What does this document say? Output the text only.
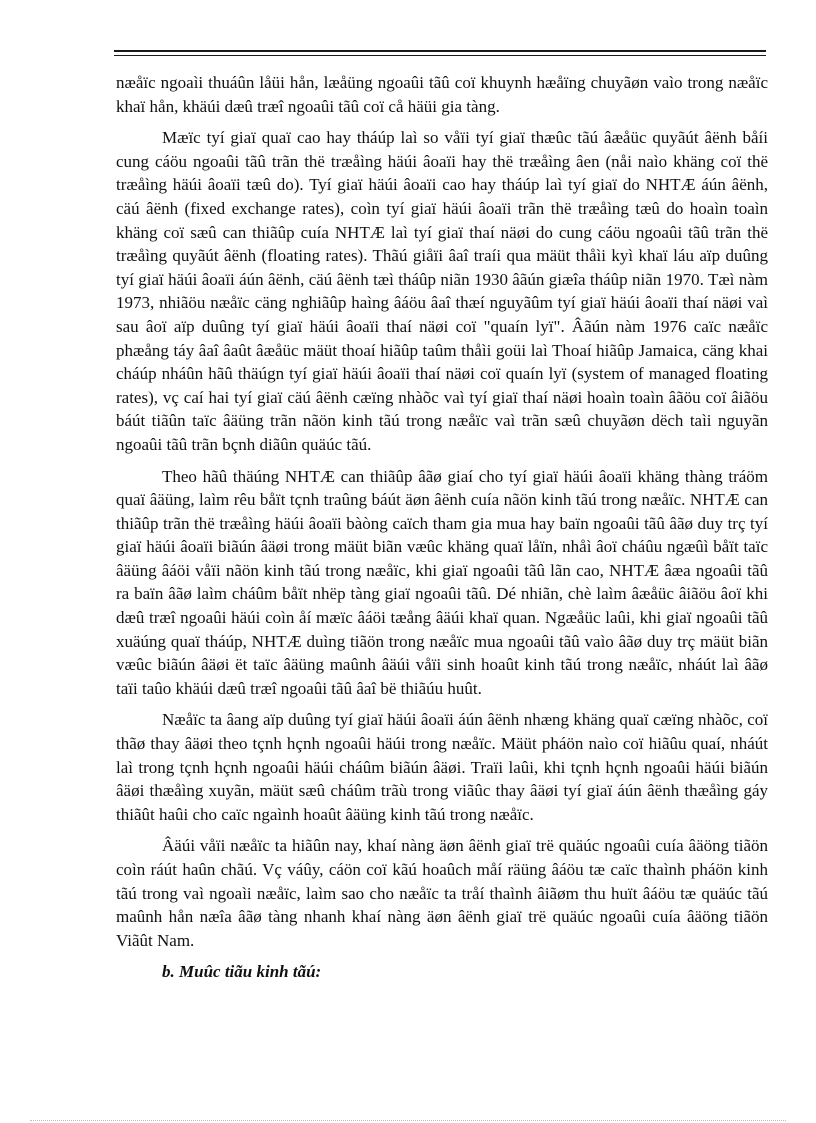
næåïc ngoaìi thuáûn låüi hån, læåüng ngoaûi tãû coï khuynh hæåïng chuyãøn vaìo trong næåïc khaï hån, khäúi dæû træî ngoaûi tãû coï cå häüi gia tàng.

Mæïc tyí giaï quaï cao hay tháúp laì so våïi tyí giaï thæûc tãú âæåüc quyãút âënh båíi cung cáöu ngoaûi tãû trãn thë træåìng häúi âoaïi hay thë træåìng âen (nåi naìo khäng coï thë træåìng häúi âoaïi tæû do). Tyí giaï häúi âoaïi cao hay tháúp laì tyí giaï do NHTÆ áún âënh, cäú âënh (fixed exchange rates), coìn tyí giaï häúi âoaïi trãn thë træåìng tæû do hoaìn toaìn khäng coï sæû can thiãûp cuía NHTÆ laì tyí giaï thaí näøi do cung cáöu ngoaûi tãû trãn thë træåìng quyãút âënh (floating rates). Thãú giåïi âaî traíi qua mäüt thåìi kyì khaï láu aïp duûng tyí giaï häúi âoaïi áún âënh, cäú âënh tæì tháûp niãn 1930 âãún giæîa tháûp niãn 1970. Tæì nàm 1973, nhiãöu næåïc cäng nghiãûp haìng âáöu âaî thæí nguyãûm tyí giaï häúi âoaïi thaí näøi vaì sau âoï aïp duûng tyí giaï häúi âoaïi thaí näøi coï "quaín lyï". Âãún nàm 1976 caïc næåïc phæång táy âaî âaût âæåüc mäüt thoaí hiãûp taûm thåìi goüi laì Thoaí hiãûp Jamaica, cäng khai cháúp nháûn hãû thäúgn tyí giaï häúi âoaïi thaí näøi coï quaín lyï (system of managed floating rates), vç caí hai tyí giaï cäú âënh cæïng nhàõc vaì tyí giaï thaí näøi hoaìn toaìn âãöu coï âiãöu báút tiãûn taïc âäüng trãn nãön kinh tãú trong næåïc vaì trãn sæû chuyãøn dëch taìi nguyãn ngoaûi tãû trãn bçnh diãûn quäúc tãú.

Theo hãû thäúng NHTÆ can thiãûp âãø giaí cho tyí giaï häúi âoaïi khäng thàng tráöm quaï âäüng, laìm rêu båït tçnh traûng báút äøn âënh cuía nãön kinh tãú trong næåïc. NHTÆ can thiãûp trãn thë træåìng häúi âoaïi bàòng caïch tham gia mua hay baïn ngoaûi tãû âãø duy trç tyí giaï häúi âoaïi biãún âäøi trong mäüt biãn væûc khäng quaï låïn, nhåì âoï cháûu ngæûì båït taïc âäüng âáöi våïi nãön kinh tãú trong næåïc, khi giaï ngoaûi tãû lãn cao, NHTÆ âæa ngoaûi tãû ra baïn âãø laìm cháûm båït nhëp tàng giaï ngoaûi tãû. Dé nhiãn, chè laìm âæåüc âiãöu âoï khi dæû træî ngoaûi häúi coìn åí mæïc âáöi tæång âäúi khaï quan. Ngæåüc laûi, khi giaï ngoaûi tãû xuäúng quaï tháúp, NHTÆ duìng tiãön trong næåïc mua ngoaûi tãû vaìo âãø duy trç mäüt biãn væûc biãún âäøi ët taïc âäüng maûnh âäúi våïi sinh hoaût kinh tãú trong næåïc, nháút laì âãø taïi taûo khäúi dæû træî ngoaûi tãû âaî bë thiãúu huût.

Næåïc ta âang aïp duûng tyí giaï häúi âoaïi áún âënh nhæng khäng quaï cæïng nhàõc, coï thãø thay âäøi theo tçnh hçnh ngoaûi häúi trong næåïc. Mäüt pháön naìo coï hiãûu quaí, nháút laì trong tçnh hçnh ngoaûi häúi cháûm biãún âäøi. Traïi laûi, khi tçnh hçnh ngoaûi häúi biãún âäøi thæåìng xuyãn, mäüt sæû cháûm trãù trong viãûc thay âäøi tyí giaï áún âënh thæåìng gáy thiãût haûi cho caïc ngaình hoaût âäüng kinh tãú trong næåïc.

Âäúi våïi næåïc ta hiãûn nay, khaí nàng äøn âënh giaï trë quäúc ngoaûi cuía âäöng tiãön coìn ráút haûn chãú. Vç váûy, cáön coï kãú hoaûch måí räüng âáöu tæ caïc thaình pháön kinh tãú trong vaì ngoaìi næåïc, laìm sao cho næåïc ta tråí thaình âiãøm thu huït âáöu tæ quäúc tãú maûnh hån næîa âãø tàng nhanh khaí nàng äøn âënh giaï trë quäúc ngoaûi cuía âäöng tiãön Viãût Nam.

b. Muûc tiãu kinh tãú:
